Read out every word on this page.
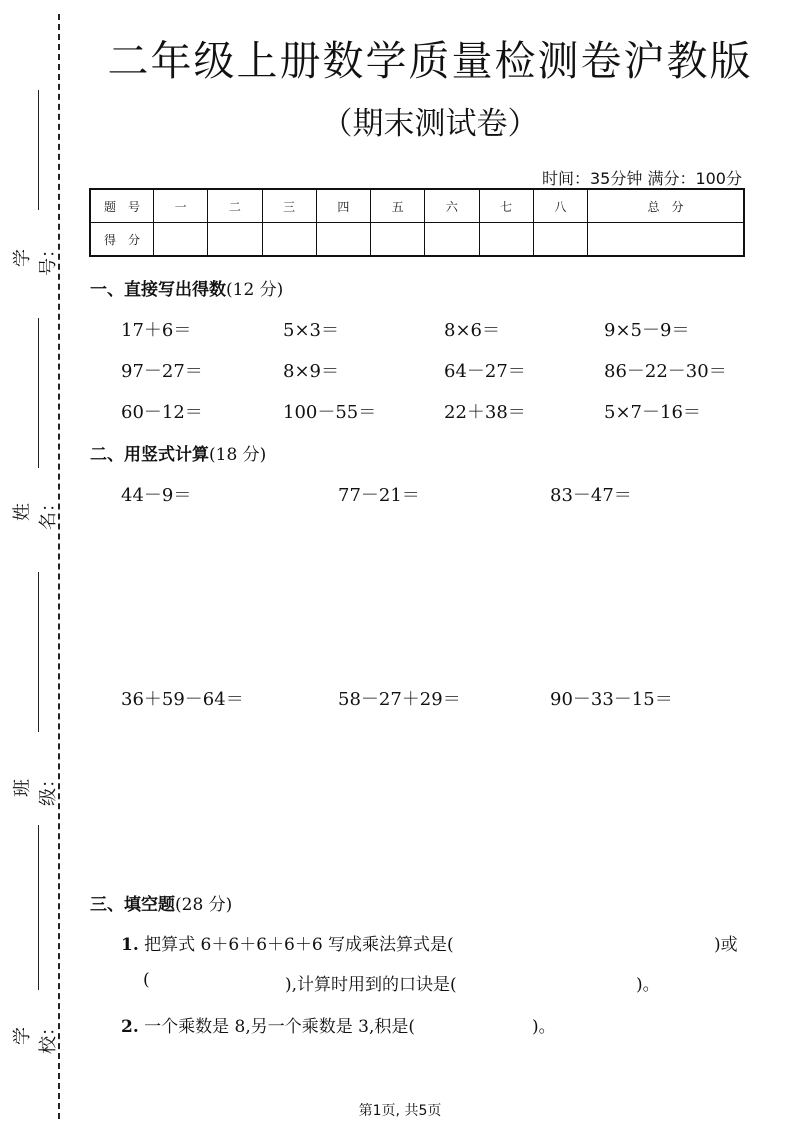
学号：
姓名：
班级：
学校：
二年级上册数学质量检测卷沪教版
（期末测试卷）
时间：35分钟 满分：100分
题　号	一	二	三	四	五	六	七	八	总　分
得　分									
一、直接写出得数(12 分)
17＋6＝	5×3＝	8×6＝	9×5－9＝
97－27＝	8×9＝	64－27＝	86－22－30＝
60－12＝	100－55＝	22＋38＝	5×7－16＝
二、用竖式计算(18 分)
44－9＝	77－21＝	83－47＝
36＋59－64＝	58－27＋29＝	90－33－15＝
三、填空题(28 分)
1. 把算式 6＋6＋6＋6＋6 写成乘法算式是(	)或
(	),计算时用到的口诀是(	)。
2. 一个乘数是 8,另一个乘数是 3,积是(	)。
第1页, 共5页
